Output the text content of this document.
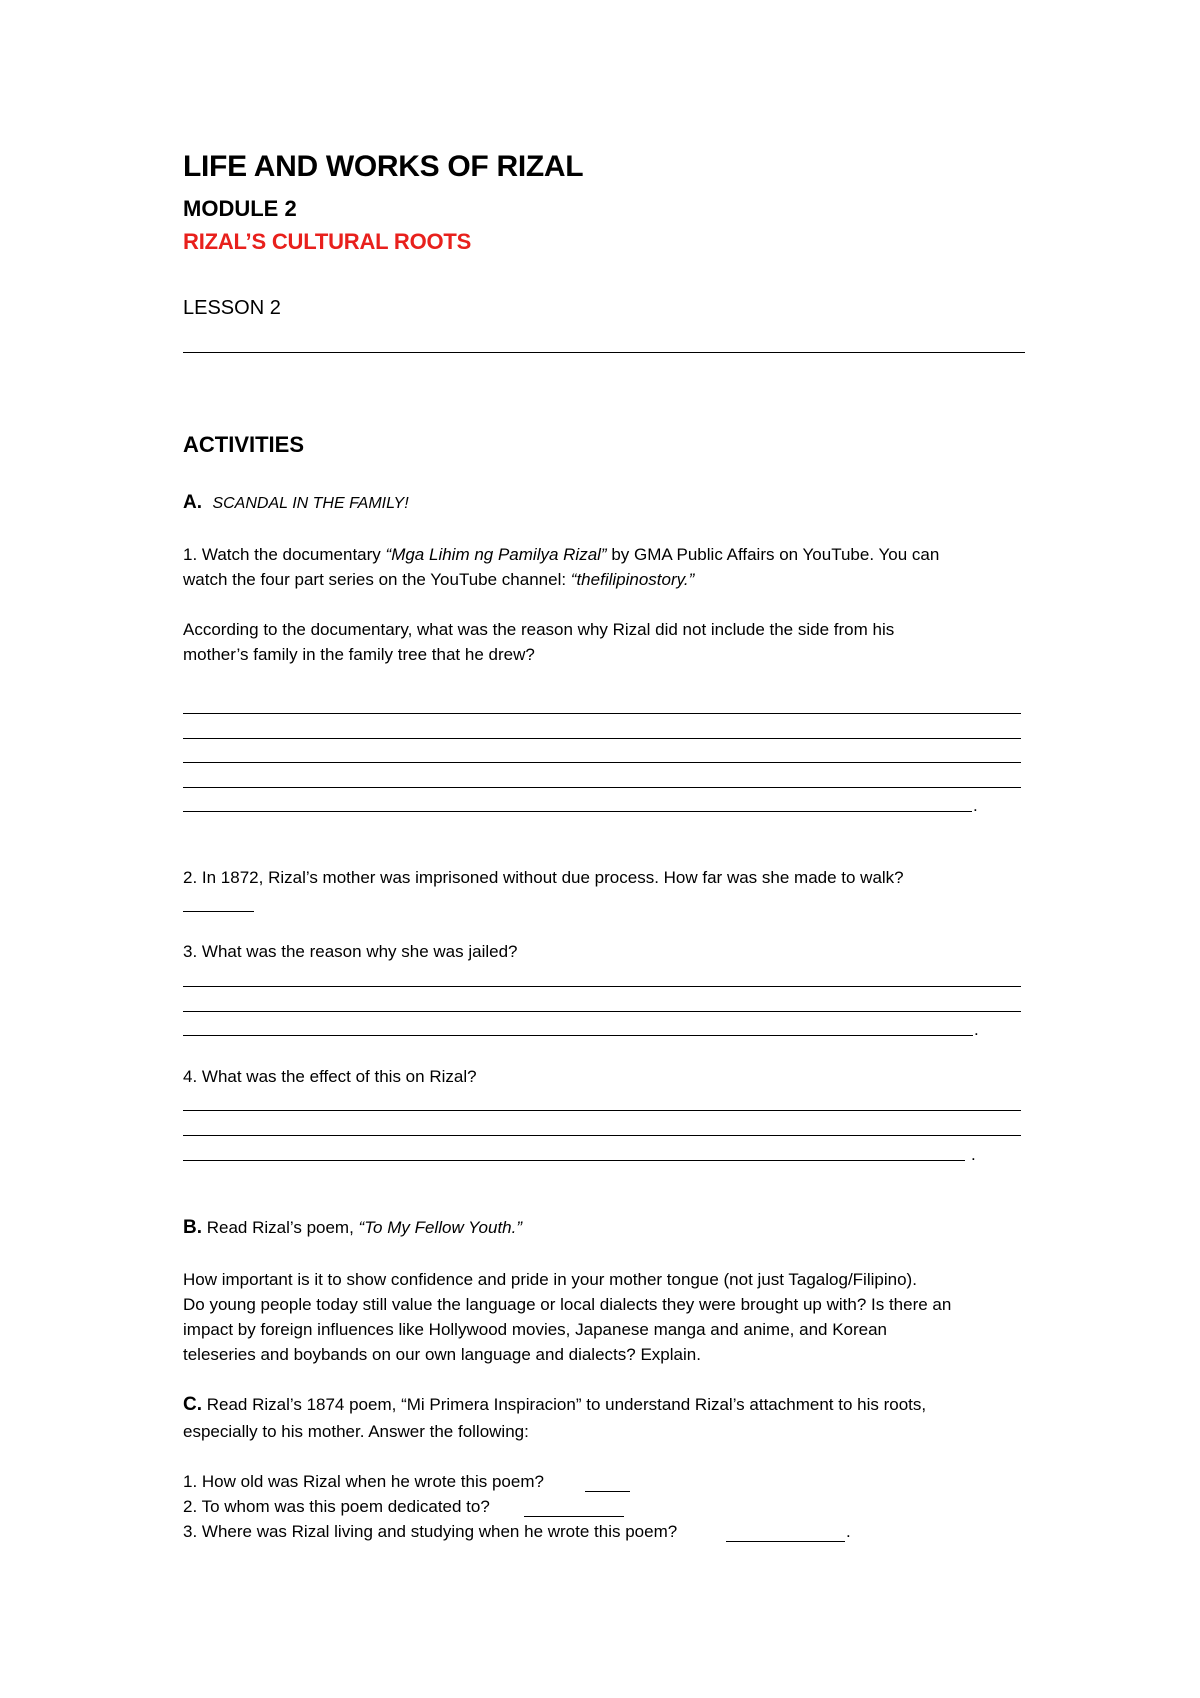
LIFE AND WORKS OF RIZAL
MODULE 2
RIZAL’S CULTURAL ROOTS
LESSON 2
ACTIVITIES
A. SCANDAL IN THE FAMILY!
1. Watch the documentary “Mga Lihim ng Pamilya Rizal” by GMA Public Affairs on YouTube. You can
watch the four part series on the YouTube channel: “thefilipinostory.”
According to the documentary, what was the reason why Rizal did not include the side from his
mother’s family in the family tree that he drew?
.
2. In 1872, Rizal’s mother was imprisoned without due process. How far was she made to walk?
3. What was the reason why she was jailed?
.
4. What was the effect of this on Rizal?
.
B. Read Rizal’s poem, “To My Fellow Youth.”
How important is it to show confidence and pride in your mother tongue (not just Tagalog/Filipino).
Do young people today still value the language or local dialects they were brought up with? Is there an
impact by foreign influences like Hollywood movies, Japanese manga and anime, and Korean
teleseries and boybands on our own language and dialects? Explain.
C. Read Rizal’s 1874 poem, “Mi Primera Inspiracion” to understand Rizal’s attachment to his roots,
especially to his mother. Answer the following:
1. How old was Rizal when he wrote this poem?
2. To whom was this poem dedicated to?
3. Where was Rizal living and studying when he wrote this poem?	.
